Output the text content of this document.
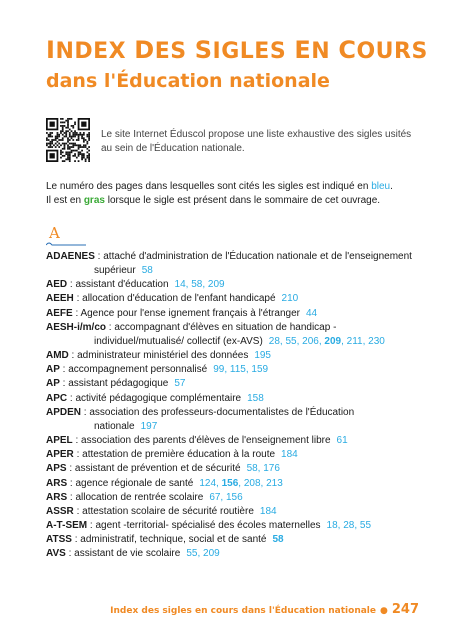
INDEX DES SIGLES EN COURS
dans l'Éducation nationale
Le site Internet Éduscol propose une liste exhaustive des sigles usités au sein de l'Éducation nationale.
Le numéro des pages dans lesquelles sont cités les sigles est indiqué en bleu.
Il est en gras lorsque le sigle est présent dans le sommaire de cet ouvrage.
A
ADAENES : attaché d'administration de l'Éducation nationale et de l'enseignement supérieur 58
AED : assistant d'éducation 14, 58, 209
AEEH : allocation d'éducation de l'enfant handicapé 210
AEFE : Agence pour l'ense ignement français à l'étranger 44
AESH-i/m/co : accompagnant d'élèves en situation de handicap - individuel/mutualisé/ collectif (ex-AVS) 28, 55, 206, 209, 211, 230
AMD : administrateur ministériel des données 195
AP : accompagnement personnalisé 99, 115, 159
AP : assistant pédagogique 57
APC : activité pédagogique complémentaire 158
APDEN : association des professeurs-documentalistes de l'Éducation nationale 197
APEL : association des parents d'élèves de l'enseignement libre 61
APER : attestation de première éducation à la route 184
APS : assistant de prévention et de sécurité 58, 176
ARS : agence régionale de santé 124, 156, 208, 213
ARS : allocation de rentrée scolaire 67, 156
ASSR : attestation scolaire de sécurité routière 184
A-T-SEM : agent -territorial- spécialisé des écoles maternelles 18, 28, 55
ATSS : administratif, technique, social et de santé 58
AVS : assistant de vie scolaire 55, 209
Index des sigles en cours dans l'Éducation nationale ● 247
